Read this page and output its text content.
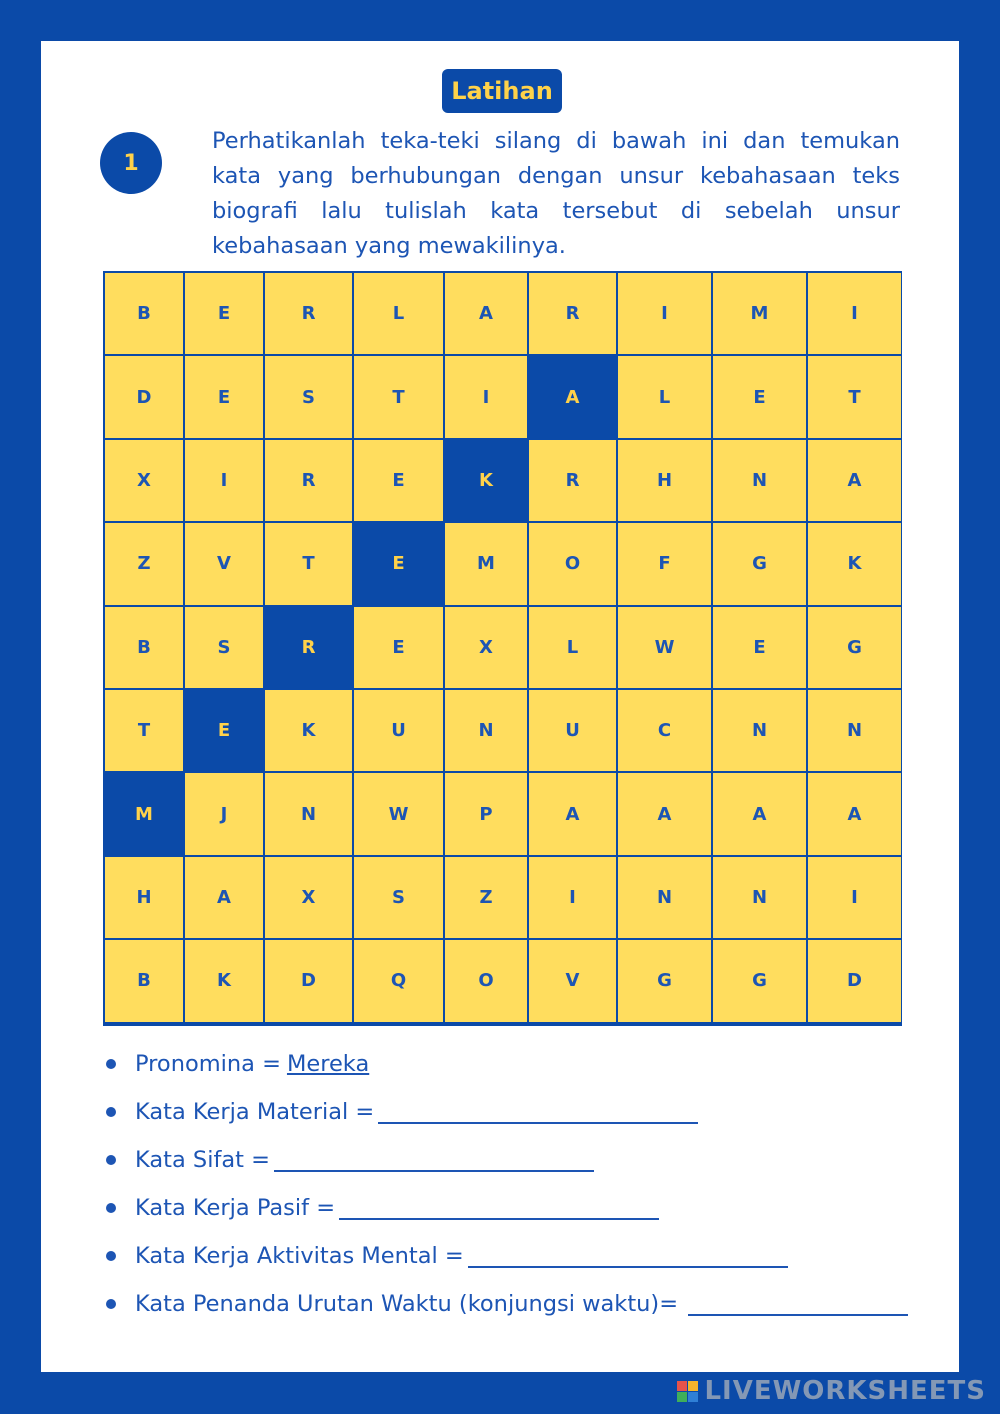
Latihan
1

Perhatikanlah teka-teki silang di bawah ini dan temukan kata yang berhubungan dengan unsur kebahasaan teks biografi lalu tulislah kata tersebut di sebelah unsur kebahasaan yang mewakilinya.

B	E	R	L	A	R	I	M	I
D	E	S	T	I	A	L	E	T
X	I	R	E	K	R	H	N	A
Z	V	T	E	M	O	F	G	K
B	S	R	E	X	L	W	E	G
T	E	K	U	N	U	C	N	N
M	J	N	W	P	A	A	A	A
H	A	X	S	Z	I	N	N	I
B	K	D	Q	O	V	G	G	D
Pronomina = Mereka
Kata Kerja Material =
Kata Sifat =
Kata Kerja Pasif =
Kata Kerja Aktivitas Mental =
Kata Penanda Urutan Waktu (konjungsi waktu)=
LIVEWORKSHEETS
